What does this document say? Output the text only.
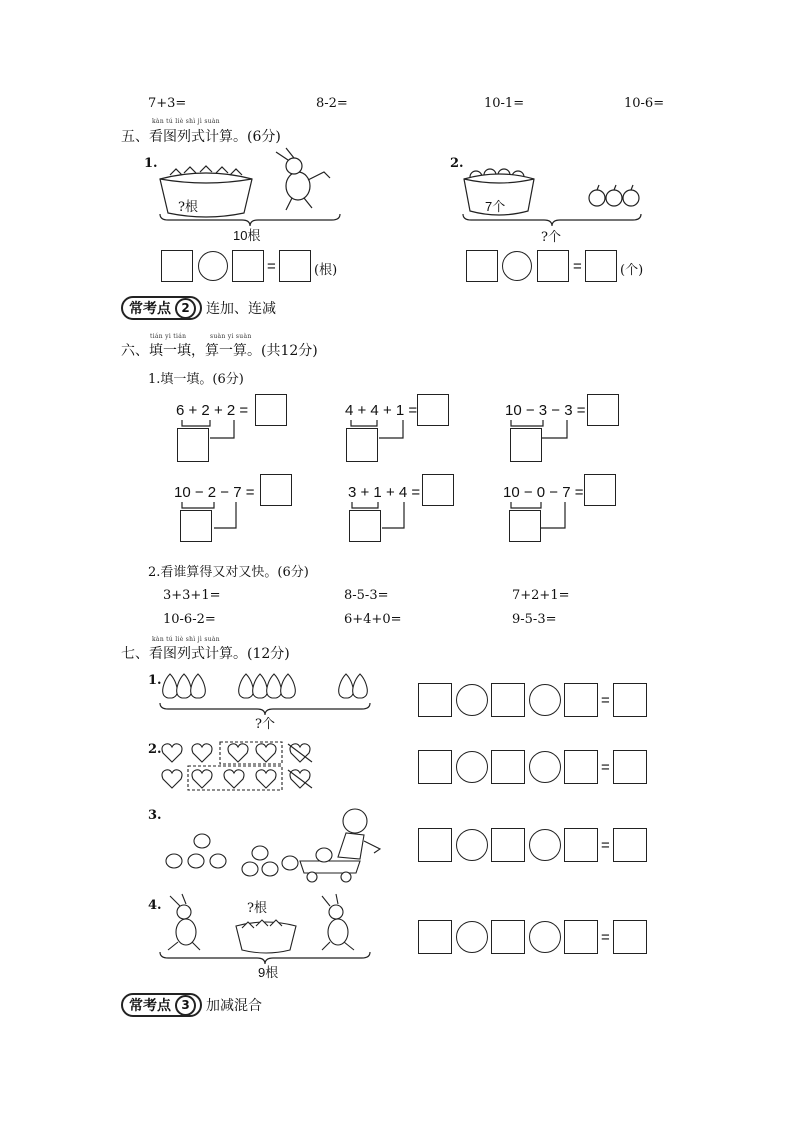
7+3=	8-2=	10-1=	10-6=
kàn tú liè shì jì suàn
五、看图列式计算。(6分)
1.
?根
10根
=	(根)
2.
7个
?个
=	(个)
常考点 2	连加、连减
tián yi tián	suàn yi suàn
六、填一填，算一算。(共12分)
1.填一填。(6分)
6 + 2 + 2 =	4 + 4 + 1 =	10 − 3 − 3 =
10 − 2 − 7 =	3 + 1 + 4 =	10 − 0 − 7 =
2.看谁算得又对又快。(6分)
3+3+1=	8-5-3=	7+2+1=
10-6-2=	6+4+0=	9-5-3=
kàn tú liè shì jì suàn
七、看图列式计算。(12分)
1.
?个
2.
3.
4.	?根
9根
=
=
=
=
常考点 3	加减混合
